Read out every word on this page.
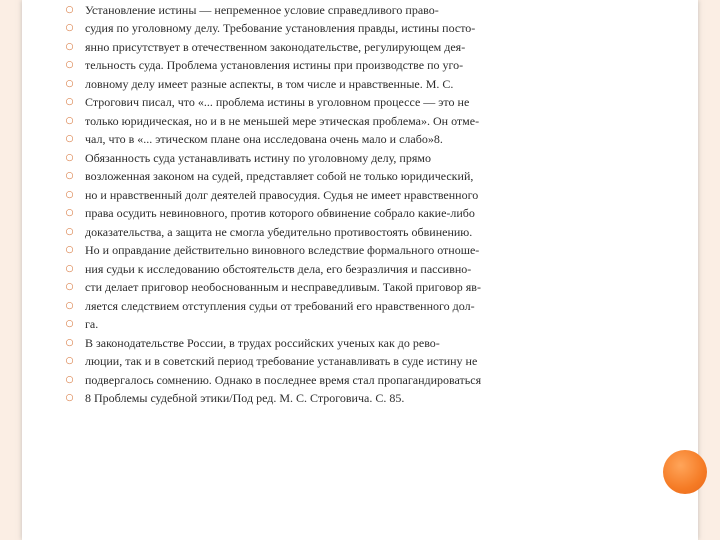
○ Установление истины — непременное условие справедливого право-
○ судия по уголовному делу. Требование установления правды, истины посто-
○ янно присутствует в отечественном законодательстве, регулирующем дея-
○ тельность суда. Проблема установления истины при производстве по уго-
○ ловному делу имеет разные аспекты, в том числе и нравственные. М. С.
○ Строгович писал, что «... проблема истины в уголовном процессе — это не
○ только юридическая, но и в не меньшей мере этическая проблема». Он отме-
○ чал, что в «... этическом плане она исследована очень мало и слабо»8.
○ Обязанность суда устанавливать истину по уголовному делу, прямо
○ возложенная законом на судей, представляет собой не только юридический,
○ но и нравственный долг деятелей правосудия. Судья не имеет нравственного
○ права осудить невиновного, против которого обвинение собрало какие-либо
○ доказательства, а защита не смогла убедительно противостоять обвинению.
○ Но и оправдание действительно виновного вследствие формального отноше-
○ ния судьи к исследованию обстоятельств дела, его безразличия и пассивно-
○ сти делает приговор необоснованным и несправедливым. Такой приговор яв-
○ ляется следствием отступления судьи от требований его нравственного дол-
○ га.
○ В законодательстве России, в трудах российских ученых как до рево-
○ люции, так и в советский период требование устанавливать в суде истину не
○ подвергалось сомнению. Однако в последнее время стал пропагандироваться
○ 8 Проблемы судебной этики/Под ред. М. С. Строговича. С. 85.
